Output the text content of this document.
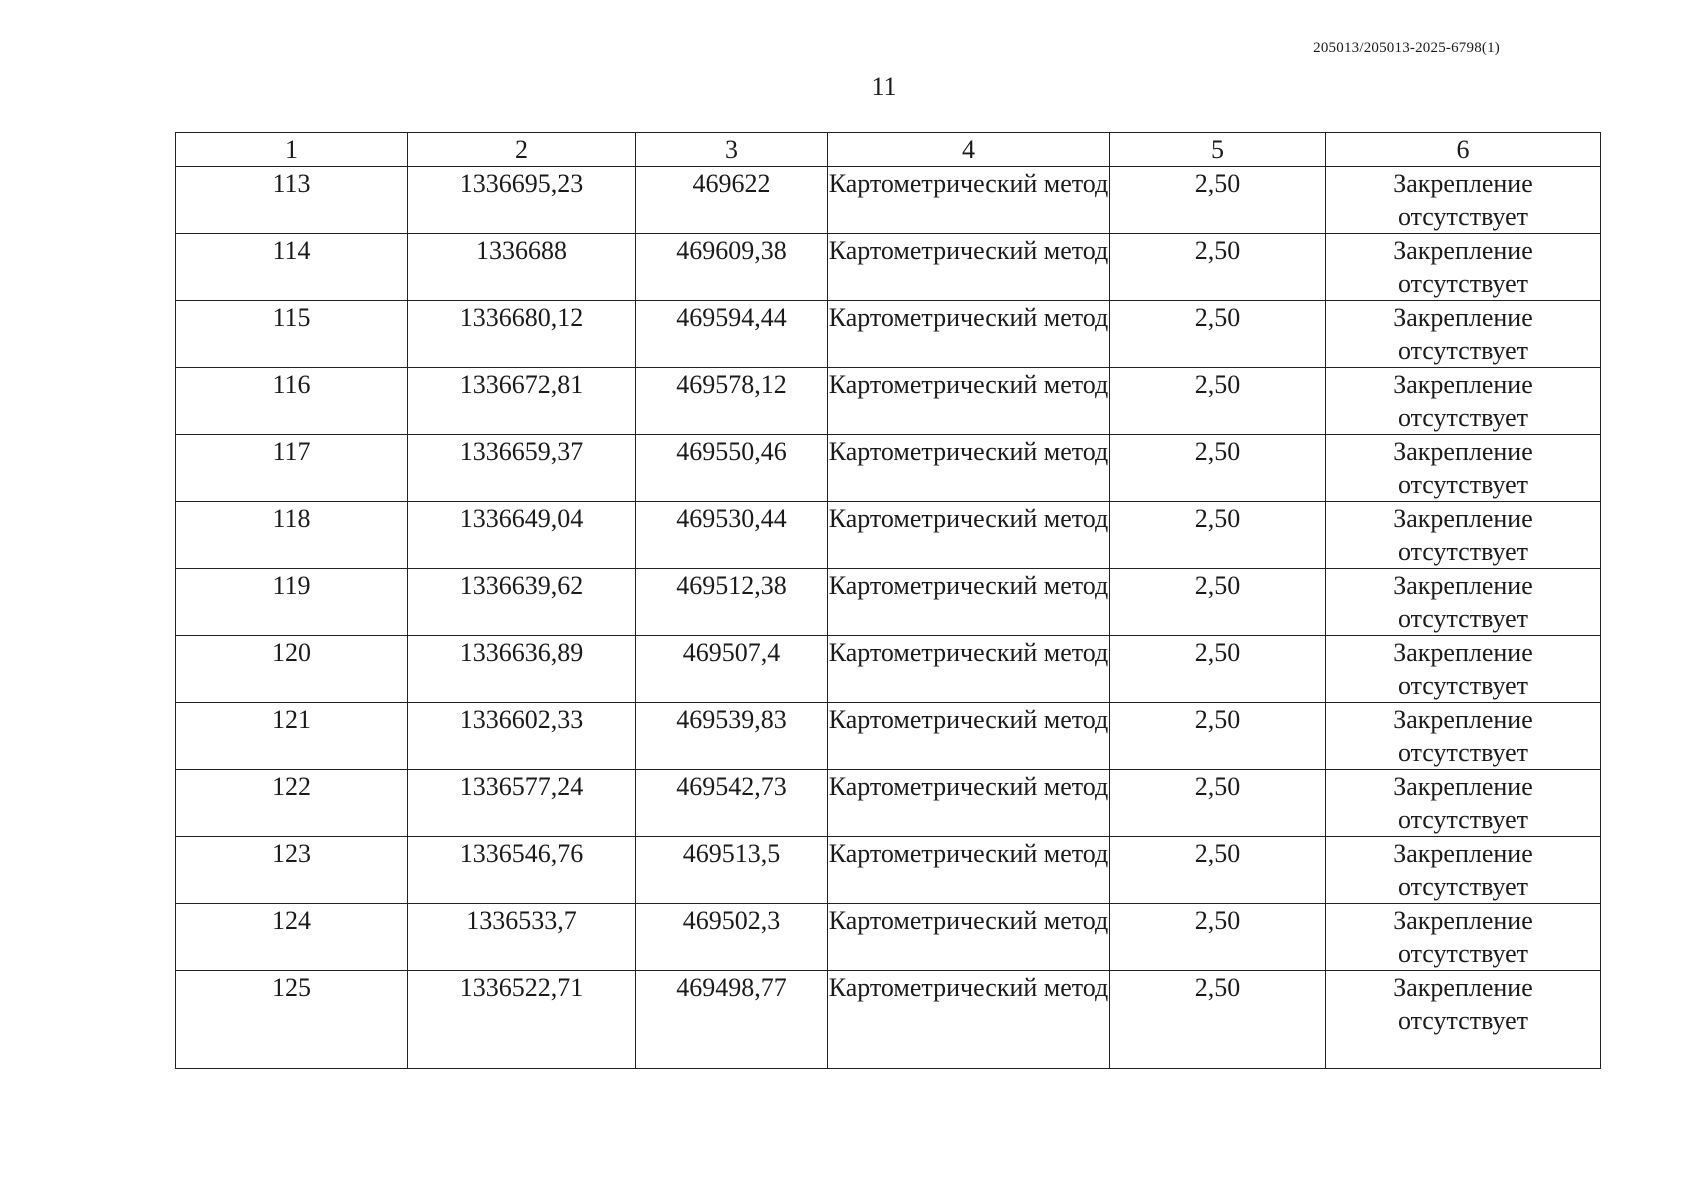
205013/205013-2025-6798(1)
11
1	2	3	4	5	6
113	1336695,23	469622	Картометрический метод	2,50	Закрепление отсутствует
114	1336688	469609,38	Картометрический метод	2,50	Закрепление отсутствует
115	1336680,12	469594,44	Картометрический метод	2,50	Закрепление отсутствует
116	1336672,81	469578,12	Картометрический метод	2,50	Закрепление отсутствует
117	1336659,37	469550,46	Картометрический метод	2,50	Закрепление отсутствует
118	1336649,04	469530,44	Картометрический метод	2,50	Закрепление отсутствует
119	1336639,62	469512,38	Картометрический метод	2,50	Закрепление отсутствует
120	1336636,89	469507,4	Картометрический метод	2,50	Закрепление отсутствует
121	1336602,33	469539,83	Картометрический метод	2,50	Закрепление отсутствует
122	1336577,24	469542,73	Картометрический метод	2,50	Закрепление отсутствует
123	1336546,76	469513,5	Картометрический метод	2,50	Закрепление отсутствует
124	1336533,7	469502,3	Картометрический метод	2,50	Закрепление отсутствует
125	1336522,71	469498,77	Картометрический метод	2,50	Закрепление отсутствует
